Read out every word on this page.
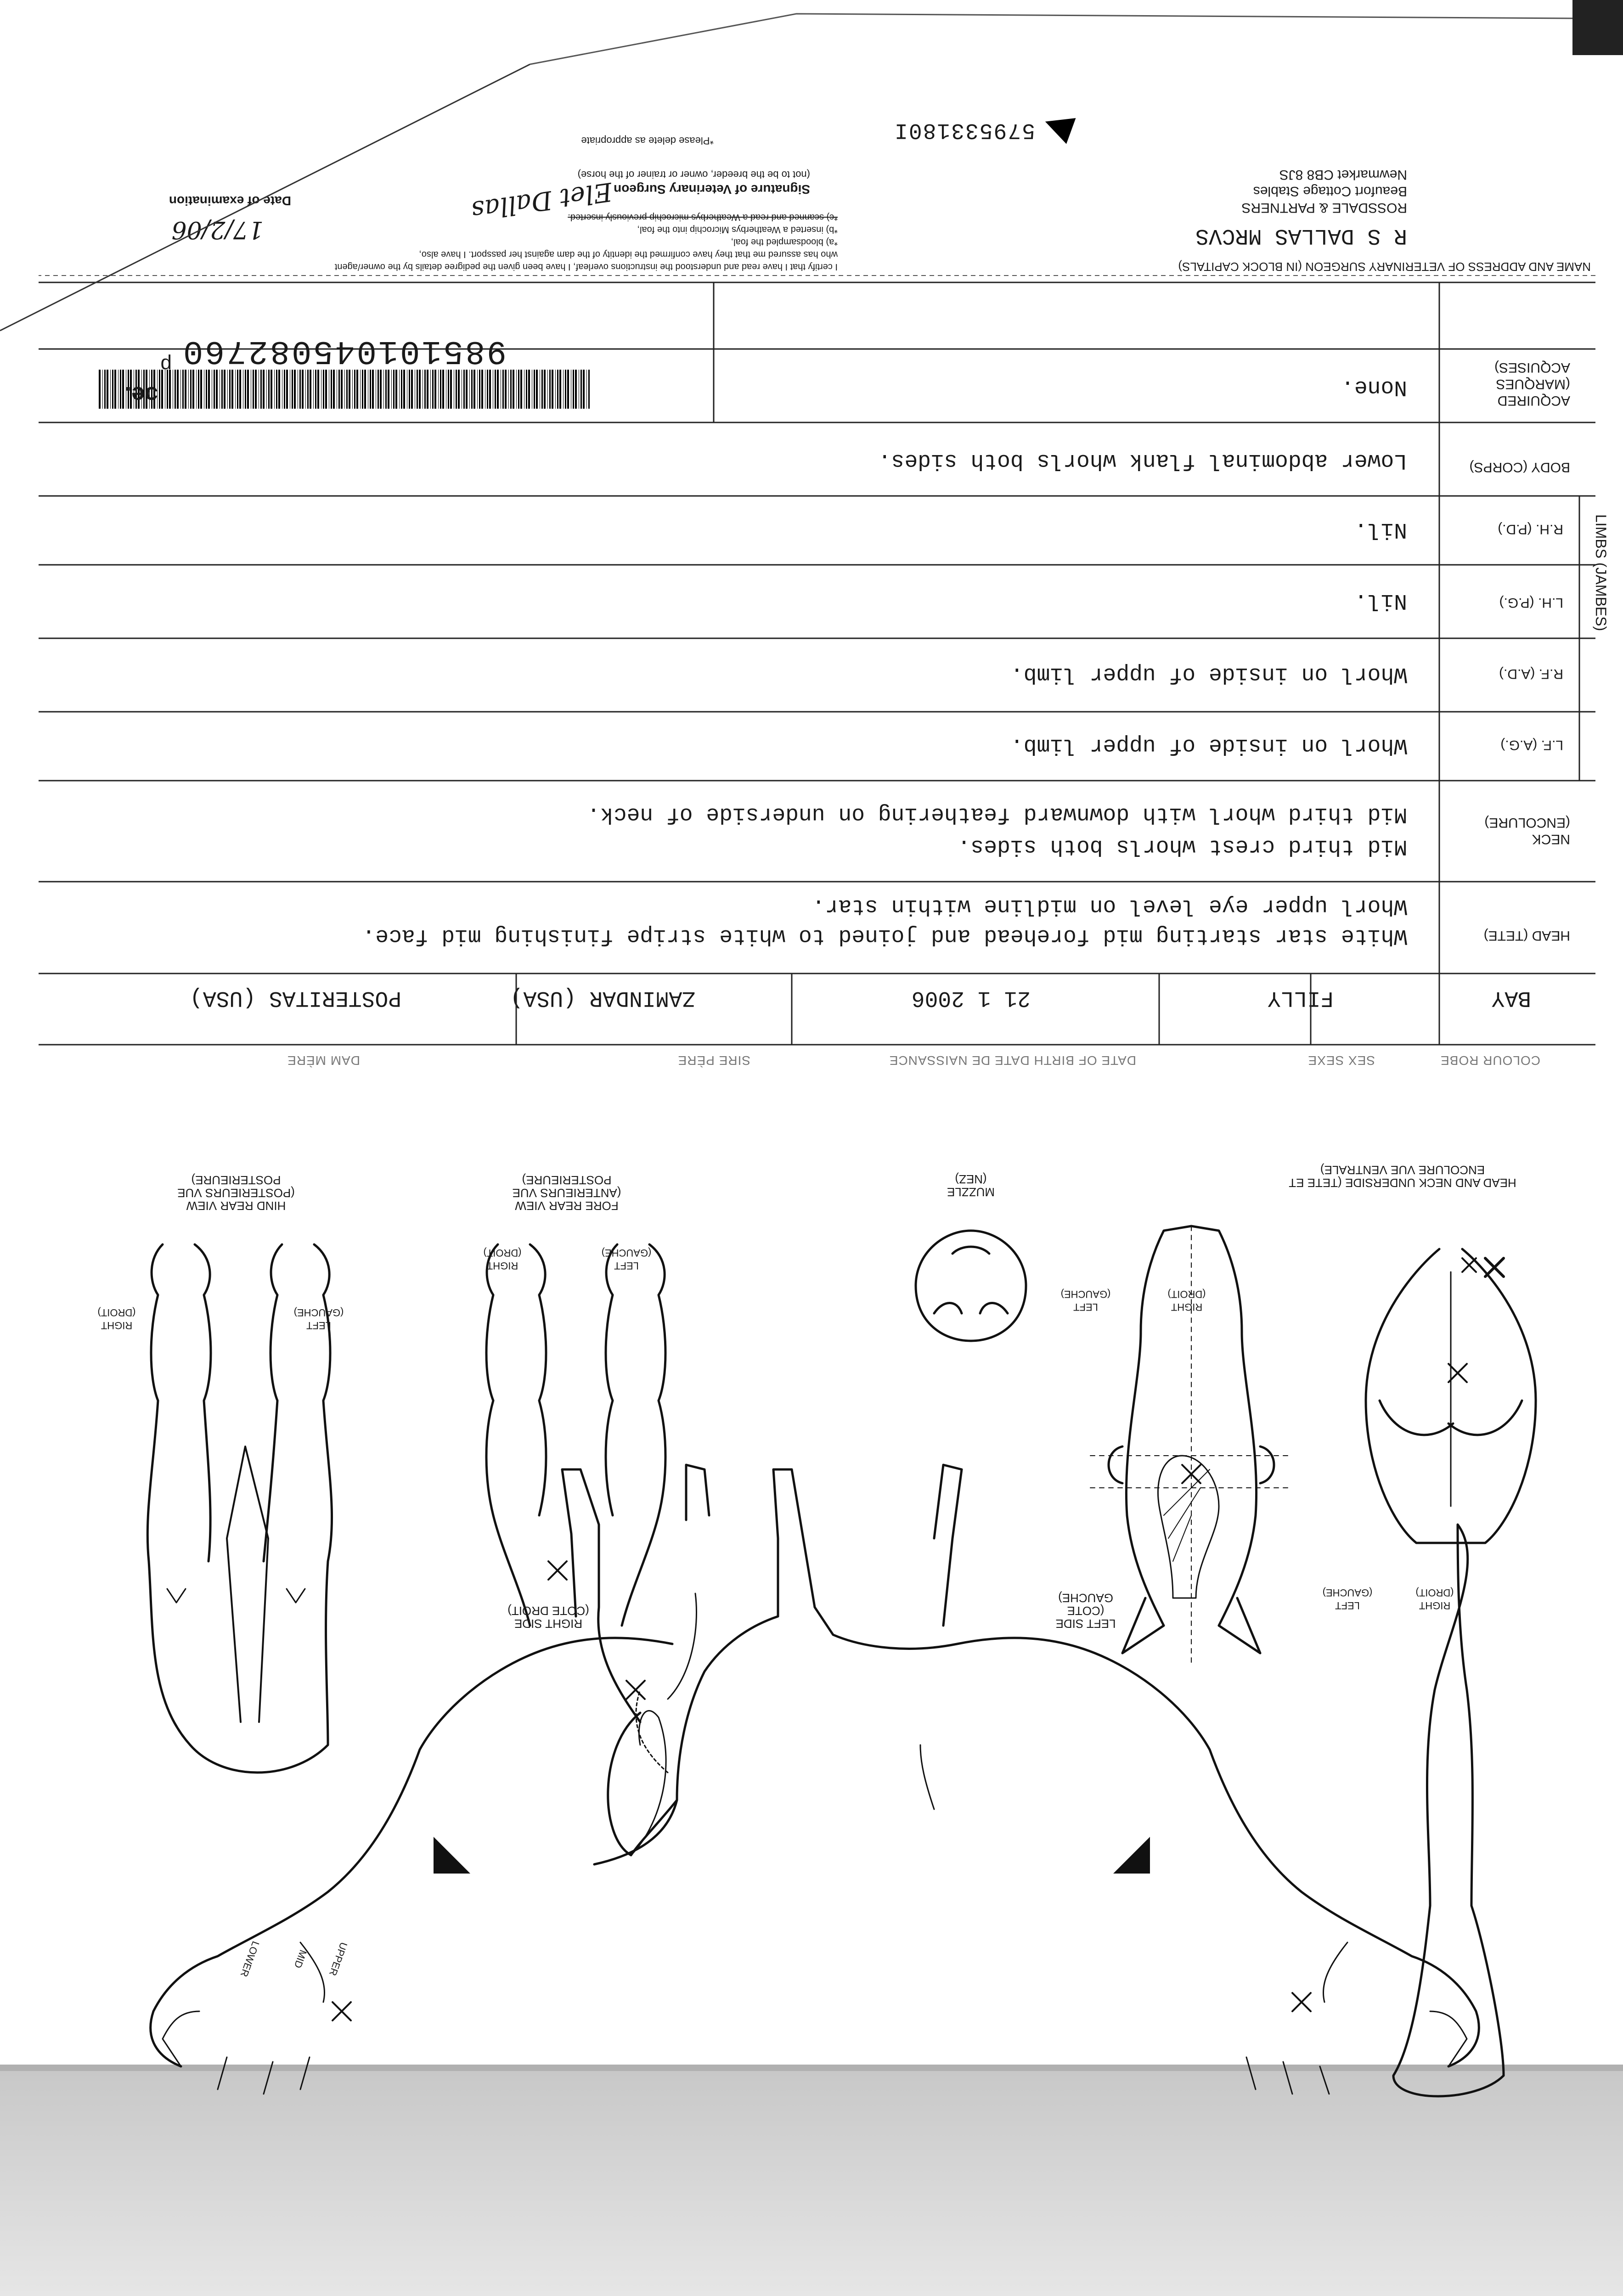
COLOUR ROBE
SEX SEXE
DATE OF BIRTH DATE DE NAISSANCE
SIRE PÈRE
DAM MÈRE
BAY
FILLY
21 1 2006
ZAMINDAR (USA)
POSTERITAS (USA)
LIMBS (JAMBES)
HEAD (TETE)
NECK (ENCOLURE)
L.F. (A.G.)
R.F. (A.D.)
L.H. (P.G.)
R.H. (P.D.)
BODY (CORPS)
ACQUIRED (MARQUES ACQUISES)
White star starting mid forehead and joined to white stripe finishing mid face.
Whorl upper eye level on midline within star.
Mid third crest whorls both sides.
Mid third whorl with downward feathering on underside of neck.
Whorl on inside of upper limb.
Whorl on inside of upper limb.
Nil.
Nil.
Lower abdominal flank whorls both sides.
None.
985101045082760
p
ɔe.
NAME AND ADDRESS OF VETERINARY SURGEON (IN BLOCK CAPITALS)
R S DALLAS MRCVS
ROSSDALE & PARTNERS
Beaufort Cottage Stables
Newmarket CB8 8JS
I certify that I have read and understood the instructions overleaf, I have been given the pedigree details by the owner/agent
who has assured me that they have confirmed the identity of the dam against her passport. I have also,
*a) bloodsampled the foal,
*b) inserted a Weatherbys Microchip into the foal,
*c) scanned and read a Weatherbys microchip previously inserted.
Signature of Veterinary Surgeon
(not to be the breeder, owner or trainer of the horse)
Elet Dallas
*Please delete as appropriate
Date of examination
17/2/06
579533180I
HEAD AND NECK UNDERSIDE (TETE ET ENCOLURE VUE VENTRALE)
MUZZLE (NEZ)
FORE REAR VIEW (ANTERIEURS VUE POSTERIEURE)
HIND REAR VIEW (POSTERIEURS VUE POSTERIEURE)
LEFT SIDE (COTE GAUCHE)
RIGHT SIDE (COTE DROIT)	LEFT (GAUCHE)
RIGHT (DROIT)
LEFT (GAUCHE)
RIGHT (DROIT)
LEFT (GAUCHE)
RIGHT (DROIT)
LEFT (GAUCHE)
RIGHT (DROIT)
UPPER
MID
LOWER
